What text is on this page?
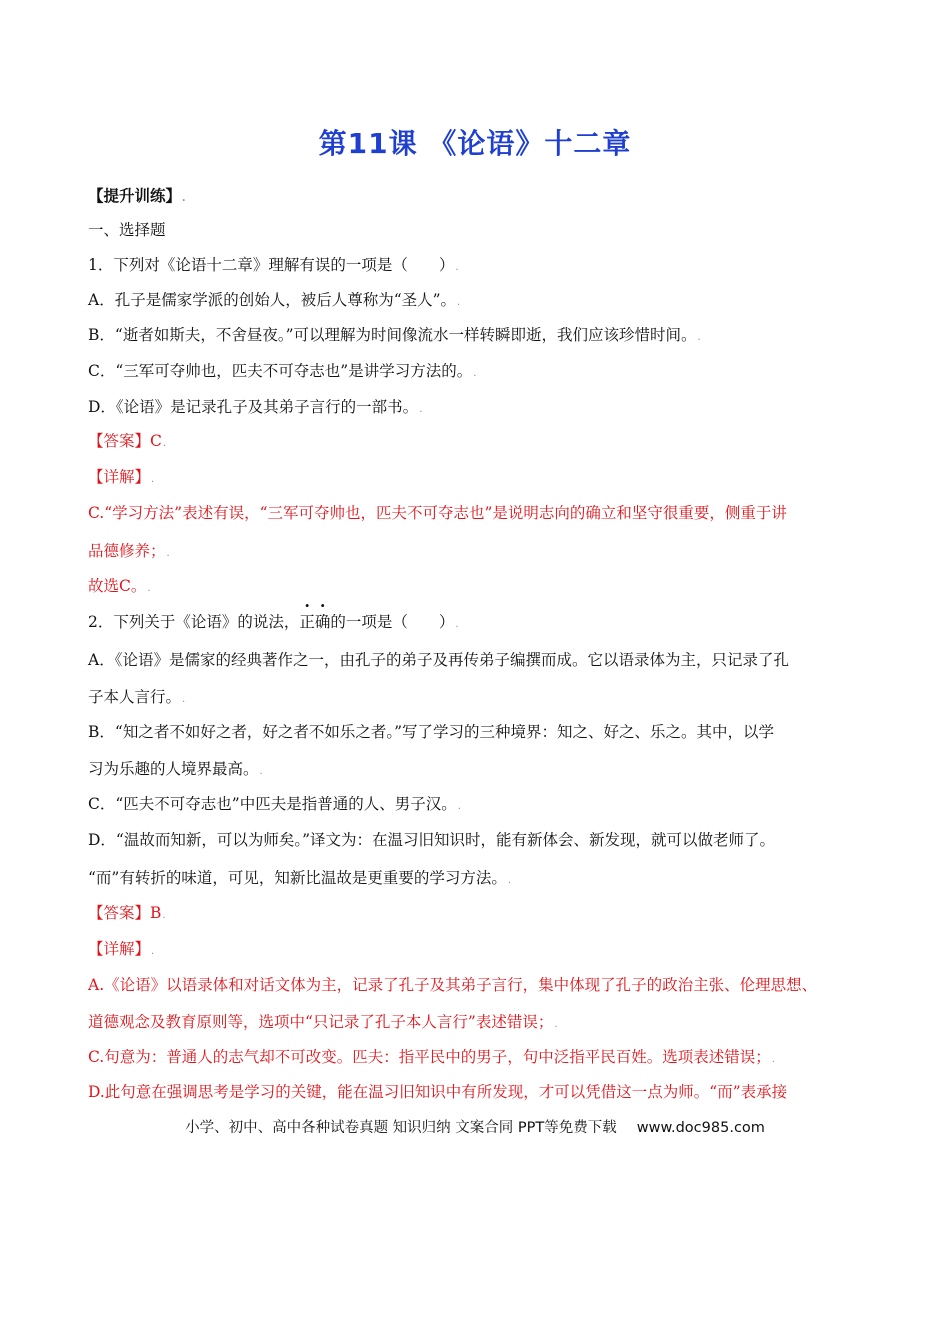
第11课 《论语》十二章
【提升训练】.
一、选择题
1．下列对《论语十二章》理解有误的一项是（　　）.
A．孔子是儒家学派的创始人，被后人尊称为“圣人”。.
B．“逝者如斯夫，不舍昼夜。”可以理解为时间像流水一样转瞬即逝，我们应该珍惜时间。.
C．“三军可夺帅也，匹夫不可夺志也”是讲学习方法的。.
D．《论语》是记录孔子及其弟子言行的一部书。.
【答案】C.
【详解】.
C.“学习方法”表述有误，“三军可夺帅也，匹夫不可夺志也”是说明志向的确立和坚守很重要，侧重于讲
品德修养；.
故选C。.
2．下列关于《论语》的说法，正确的一项是（　　）.
A．《论语》是儒家的经典著作之一，由孔子的弟子及再传弟子编撰而成。它以语录体为主，只记录了孔
子本人言行。.
B．“知之者不如好之者，好之者不如乐之者。”写了学习的三种境界：知之、好之、乐之。其中，以学
习为乐趣的人境界最高。.
C．“匹夫不可夺志也”中匹夫是指普通的人、男子汉。.
D．“温故而知新，可以为师矣。”译文为：在温习旧知识时，能有新体会、新发现，就可以做老师了。
“而”有转折的味道，可见，知新比温故是更重要的学习方法。.
【答案】B.
【详解】.
A.《论语》以语录体和对话文体为主，记录了孔子及其弟子言行，集中体现了孔子的政治主张、伦理思想、
道德观念及教育原则等，选项中“只记录了孔子本人言行”表述错误；.
C.句意为：普通人的志气却不可改变。匹夫：指平民中的男子，句中泛指平民百姓。选项表述错误；.
D.此句意在强调思考是学习的关键，能在温习旧知识中有所发现，才可以凭借这一点为师。“而”表承接
小学、初中、高中各种试卷真题 知识归纳 文案合同 PPT等免费下载 www.doc985.com
